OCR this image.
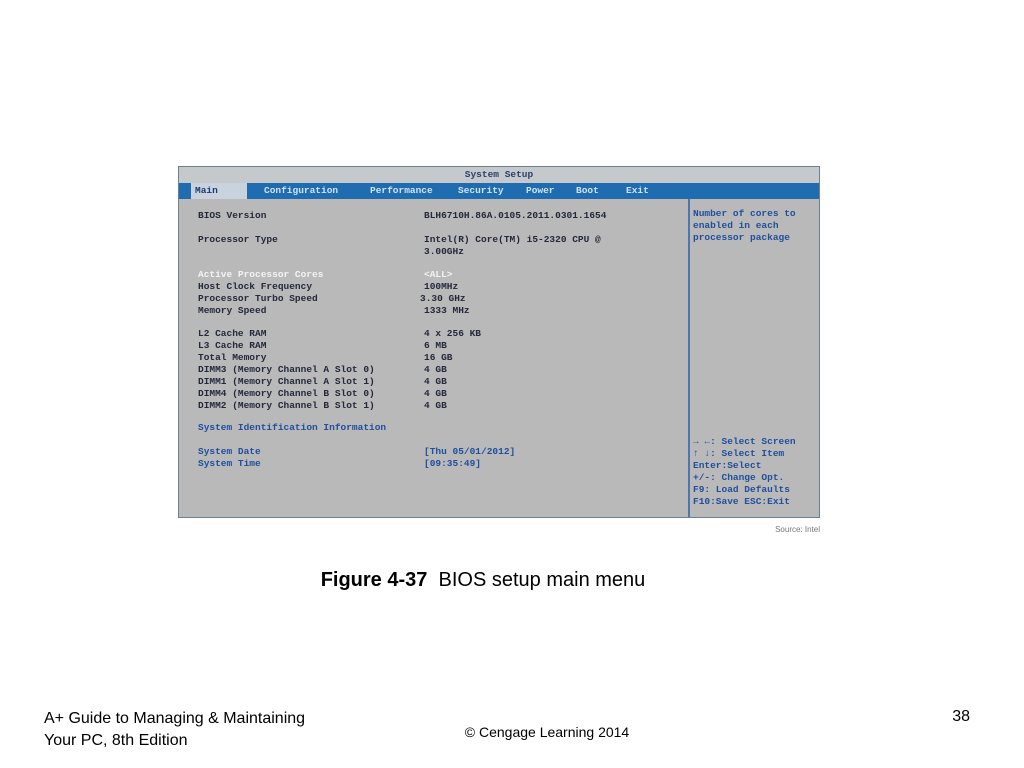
System Setup
Main	Configuration	Performance	Security Power Boot	Exit
BIOS Version	BLH6710H.86A.0105.2011.0301.1654
Processor Type	Intel(R) Core(TM) i5-2320 CPU @ 3.00GHz
Active Processor Cores	<ALL>
Host Clock Frequency	100MHz
Processor Turbo Speed	3.30 GHz
Memory Speed	1333 MHz
L2 Cache RAM	4 x 256 KB
L3 Cache RAM	6 MB
Total Memory	16 GB
DIMM3 (Memory Channel A Slot 0)	4 GB
DIMM1 (Memory Channel A Slot 1)	4 GB
DIMM4 (Memory Channel B Slot 0)	4 GB
DIMM2 (Memory Channel B Slot 1)	4 GB
System Identification Information
System Date	[Thu 05/01/2012]
System Time	[09:35:49]
Number of cores to
enabled in each
processor package
→ ←: Select Screen
↑ ↓: Select Item
Enter:Select
+/-: Change Opt.
F9: Load Defaults
F10:Save ESC:Exit
Source: Intel
Figure 4-37 BIOS setup main menu
A+ Guide to Managing & Maintaining
Your PC, 8th Edition	© Cengage Learning 2014
38
